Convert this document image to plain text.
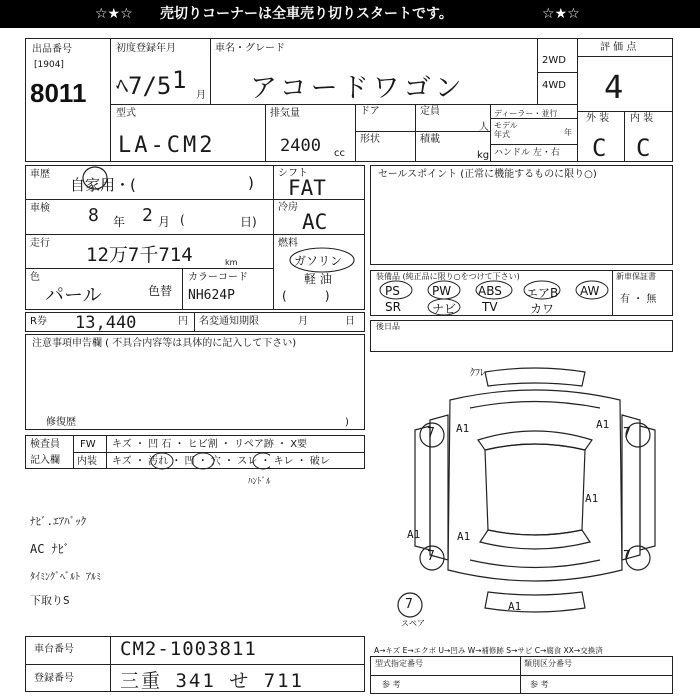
☆★☆ 売切りコーナーは全車売り切りスタートです。	☆★☆
出品番号
[1904]
8011
初度登録年月
ﾍ7/5 1
月
車名・グレード
アコードワゴン
2WD
4WD
評 価 点
4
型式
LA-CM2
排気量
2400 cc
ドア
形状
定員
人
積載
kg
ディーラー・並行
モデル
年式	年
ハンドル 左・右
外 装 内 装
C C
車歴
自家用・(	)
車検 8 年 2 月 (	日)
走行
12万7千714	km
色
パール	色替
カラーコード
NH624P
シフト
FAT
冷房
AC
燃料
ガソリン
軽 油
(          )
R券 13,440	円 名変通知期限	月	日
注意事項申告欄 ( 不具合内容等は具体的に記入して下さい)
修復歴	)
検査員
記入欄
FW キズ ・ 凹 石 ・ ヒビ割 ・ リペア跡 ・ X要
内装 キズ ・ 汚れ ・ 凹 ・ 穴 ・ スレ ・ キレ ・ 破レ
ﾊﾝﾄﾞﾙ
ﾅﾋﾞ.ｴｱﾊﾞｯｸ
AC ﾅﾋﾞ
ﾀｲﾐﾝｸﾞﾍﾞﾙﾄ ｱﾙﾐ
下取りS
セールスポイント (正常に機能するものに限り○)
装備品 (純正品に限り○をつけて下さい)	新車保証書
有 ・ 無
PS	PW ABS エアB AW
SR	ナビ TV	カワ
後日品
ｸﾌﾚ
A1	A1
A1
A1	A1
A1
7	7
7	7
7
スペア
A→キズ E→エクボ U→凹み W→補修跡 S→サビ C→腐食 XX→交換済
車台番号 CM2-1003811
登録番号 三重 341 せ 711
型式指定番号	類別区分番号
参 考	参 考
